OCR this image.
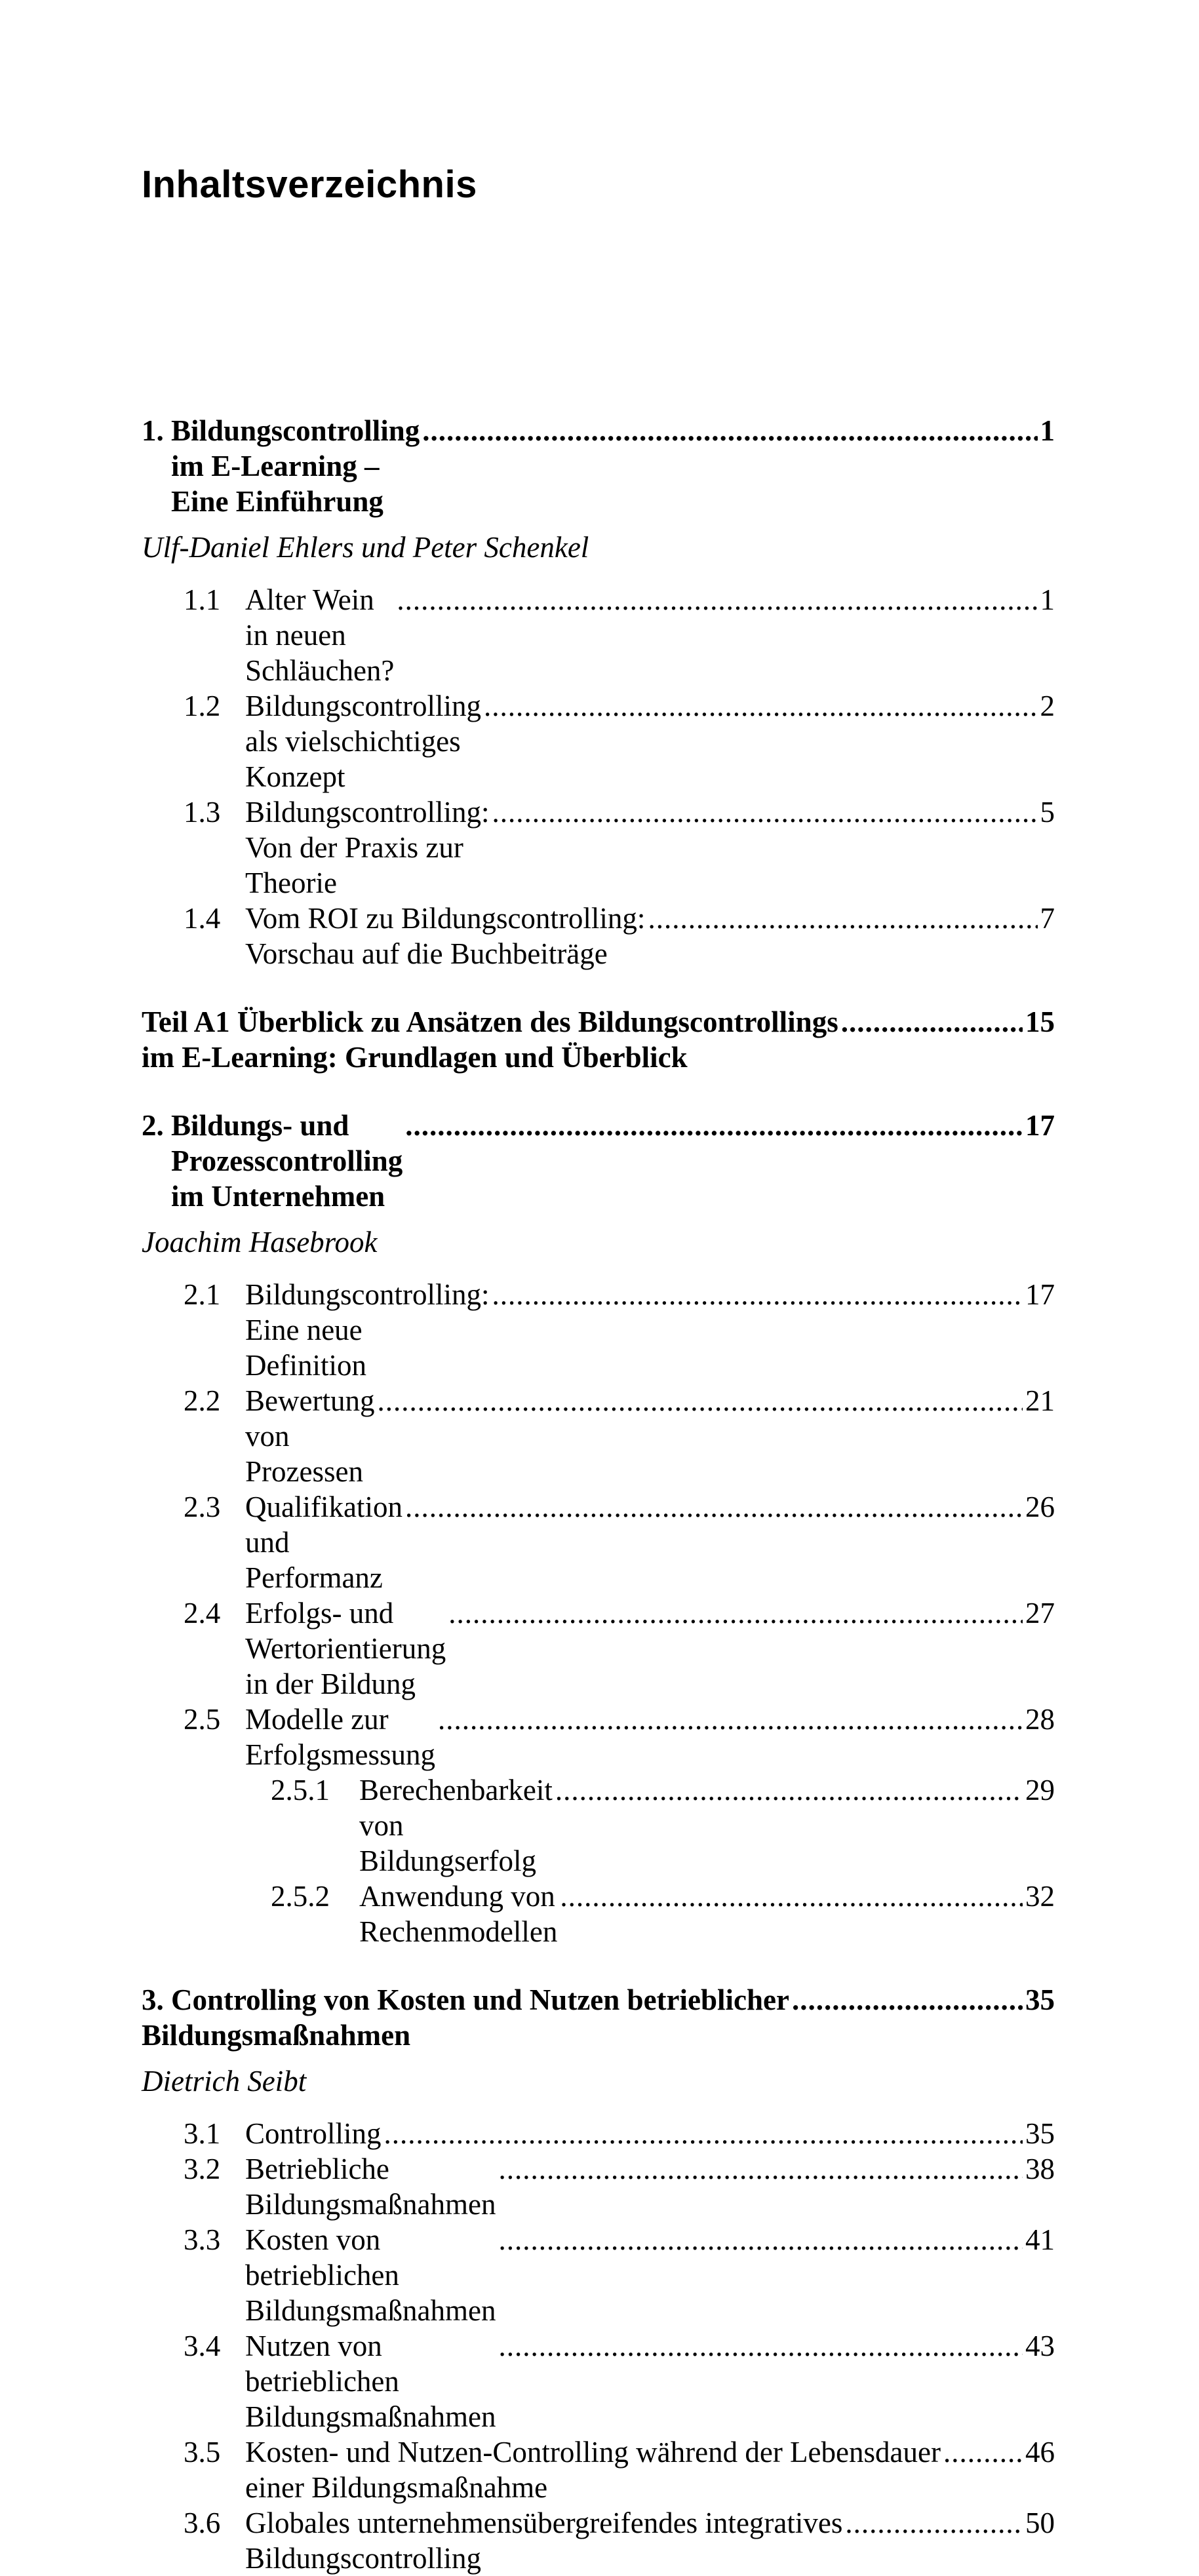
Inhaltsverzeichnis
1. Bildungscontrolling im E-Learning – Eine Einführung
.....
1
Ulf-Daniel Ehlers und Peter Schenkel
1.1 Alter Wein in neuen Schläuchen?
.....
1
1.2 Bildungscontrolling als vielschichtiges Konzept
.....
2
1.3 Bildungscontrolling: Von der Praxis zur Theorie
.....
5
1.4 Vom ROI zu Bildungscontrolling:
Vorschau auf die Buchbeiträge
.....
7
Teil A1 Überblick zu Ansätzen des Bildungscontrollings
im E-Learning: Grundlagen und Überblick
.....
15
2. Bildungs- und Prozesscontrolling im Unternehmen
.....
17
Joachim Hasebrook
2.1 Bildungscontrolling: Eine neue Definition
.....
17
2.2 Bewertung von Prozessen
.....
21
2.3 Qualifikation und Performanz
.....
26
2.4 Erfolgs- und Wertorientierung in der Bildung
.....
27
2.5 Modelle zur Erfolgsmessung
.....
28
2.5.1	Berechenbarkeit von Bildungserfolg
.....
29
2.5.2	Anwendung von Rechenmodellen
.....
32
3. Controlling von Kosten und Nutzen betrieblicher
Bildungsmaßnahmen
.....
35
Dietrich Seibt
3.1 Controlling
.....	35
3.2 Betriebliche Bildungsmaßnahmen
.....
38
3.3 Kosten von betrieblichen Bildungsmaßnahmen
.....
41
3.4 Nutzen von betrieblichen Bildungsmaßnahmen
.....
43
3.5 Kosten- und Nutzen-Controlling während der Lebensdauer
einer Bildungsmaßnahme
.....
46
3.6 Globales unternehmensübergreifendes integratives
Bildungscontrolling
.....
50
